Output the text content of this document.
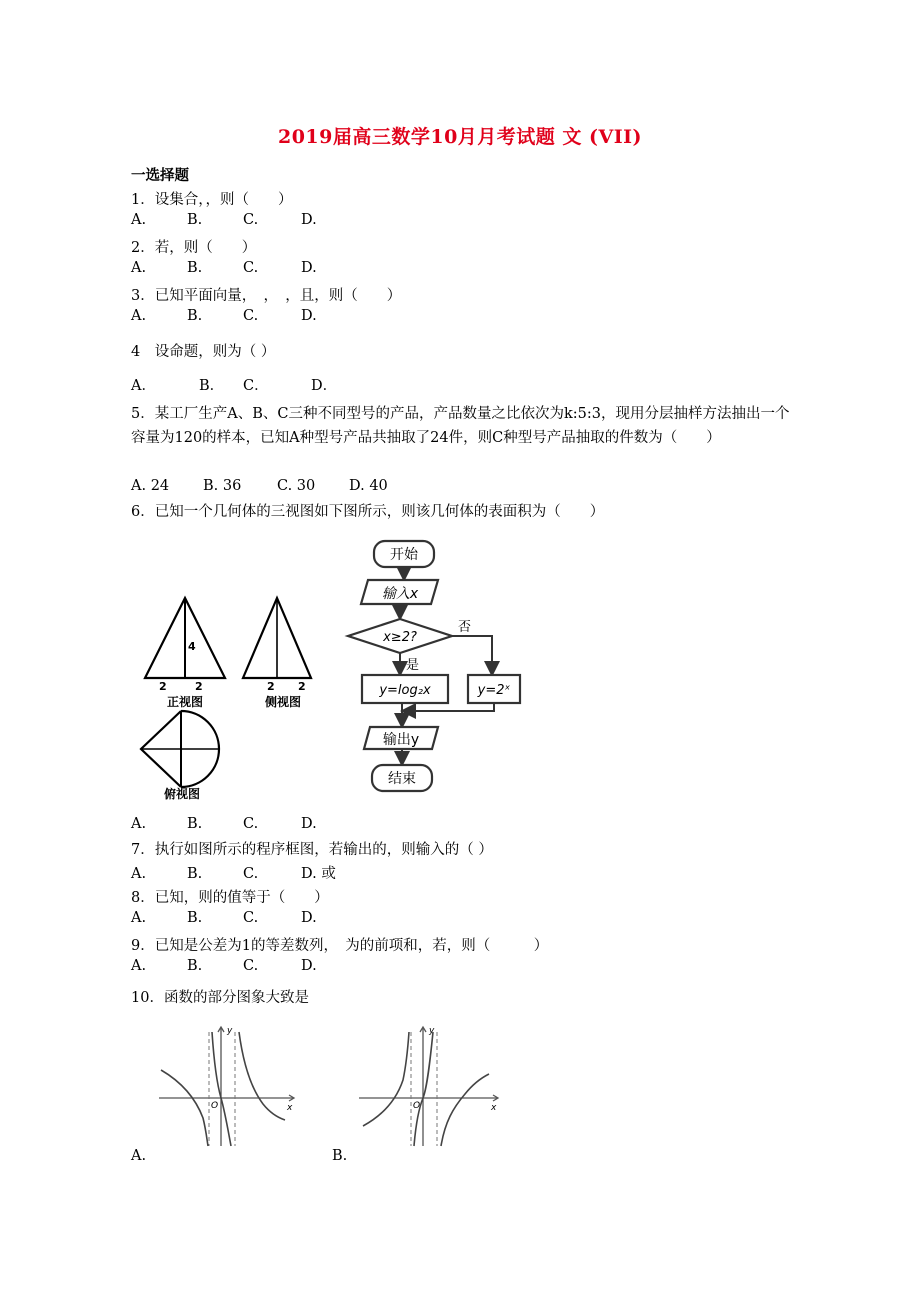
2019届高三数学10月月考试题 文 (VII)
一选择题
1．设集合，，则（　　）
A.	B.	C.	D.
2．若，则（　　）
A.	B.	C.	D.
3．已知平面向量，　，　，且，则（　　）
A.	B.	C.	D.
4　设命题，则为（ ）
A．	B． C．	D．
5．某工厂生产A、B、C三种不同型号的产品，产品数量之比依次为k:5:3，现用分层抽样方法抽出一个容量为120的样本，已知A种型号产品共抽取了24件，则C种型号产品抽取的件数为（　　）
A. 24 B. 36 C. 30 D. 40
6．已知一个几何体的三视图如下图所示，则该几何体的表面积为（　　）
4
2	2
正视图
2 2
侧视图
俯视图
开始
输入x
x≥2?
否
是
y=log₂x	y=2ˣ
输出y
结束
A.	B.	C.	D.
7．执行如图所示的程序框图，若输出的，则输入的（ ）
A.	B.	C.	D. 或
8．已知，则的值等于（　　）
A.	B.	C.	D.
9．已知是公差为1的等差数列，　为的前项和，若，则（　　　）
A.	B.	C.	D.
10．函数的部分图象大致是
y
x
O
A.
y
x
O
B.
